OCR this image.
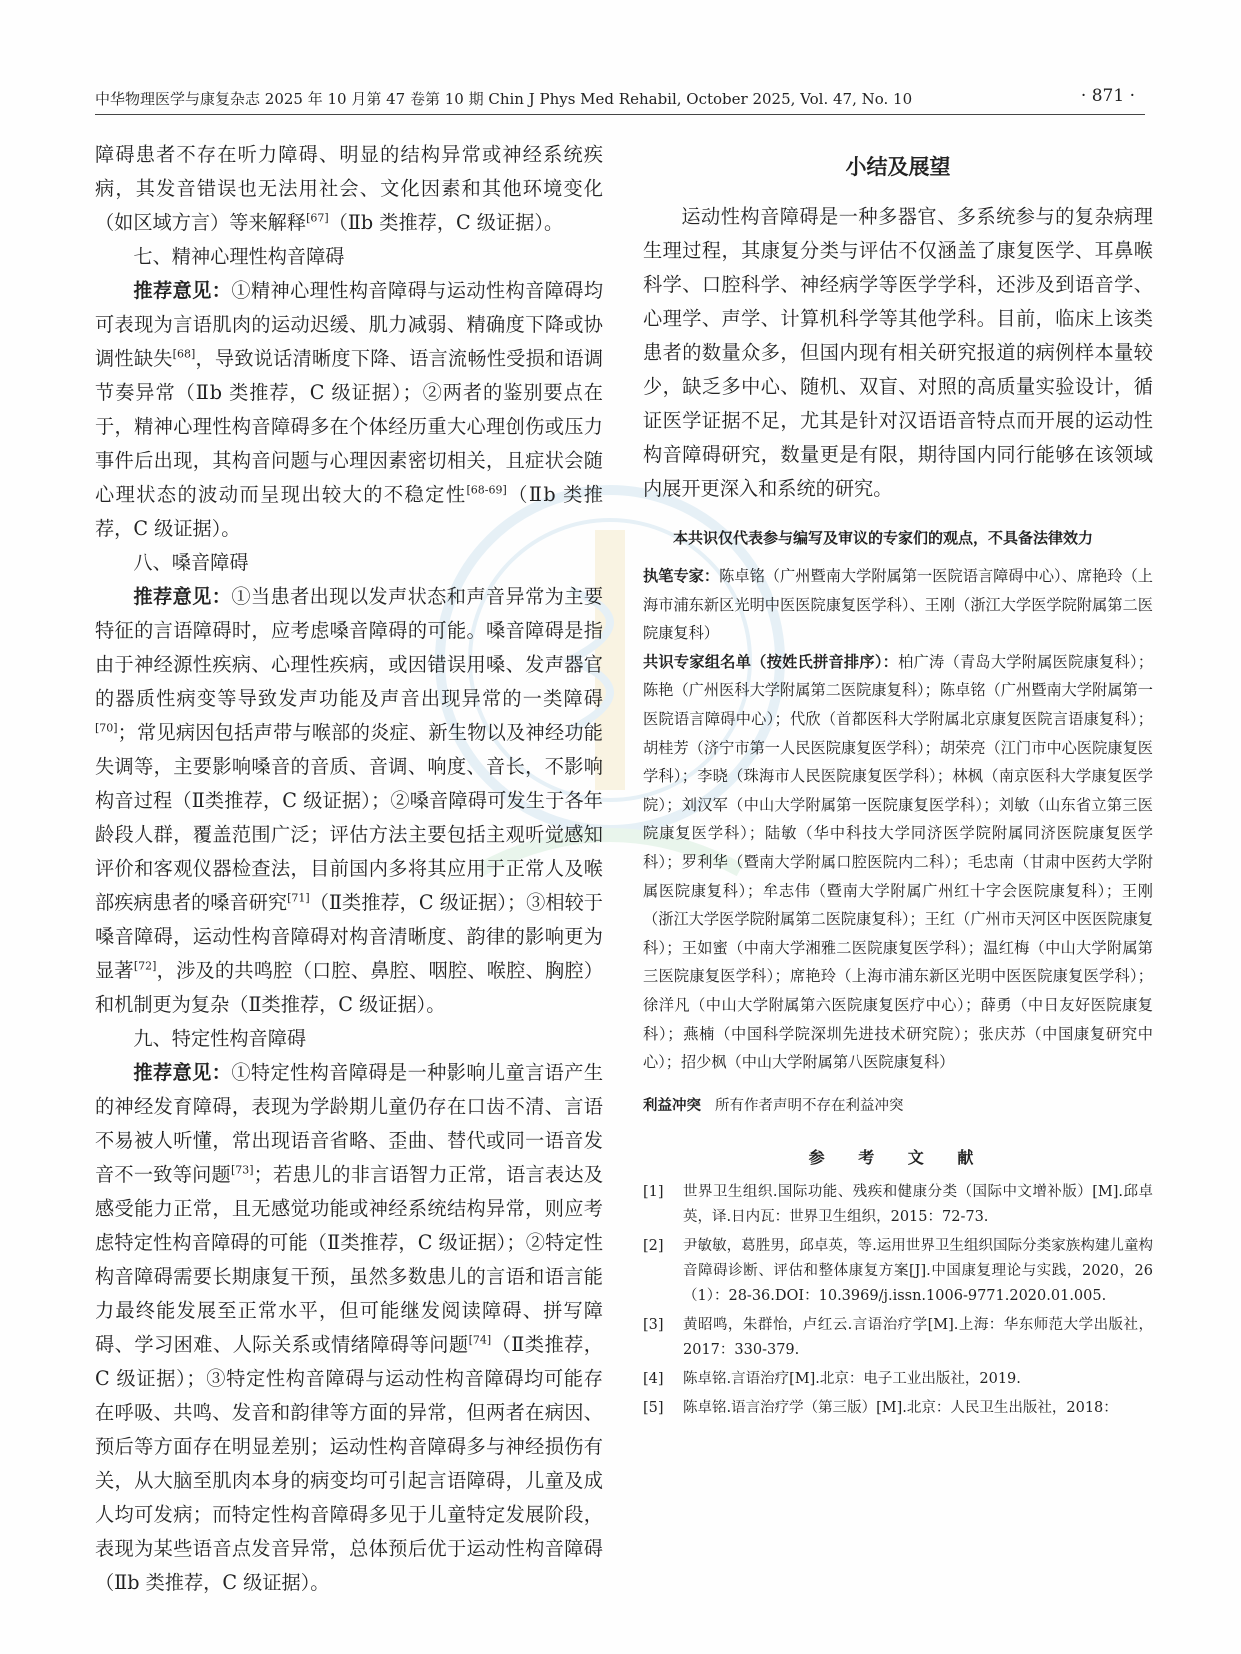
中华物理医学与康复杂志 2025 年 10 月第 47 卷第 10 期 Chin J Phys Med Rehabil, October 2025, Vol. 47, No. 10	· 871 ·

障碍患者不存在听力障碍、明显的结构异常或神经系统疾病，其发音错误也无法用社会、文化因素和其他环境变化（如区域方言）等来解释[67]（Ⅱb 类推荐，C 级证据）。

七、精神心理性构音障碍

推荐意见：①精神心理性构音障碍与运动性构音障碍均可表现为言语肌肉的运动迟缓、肌力减弱、精确度下降或协调性缺失[68]，导致说话清晰度下降、语言流畅性受损和语调节奏异常（Ⅱb 类推荐，C 级证据）；②两者的鉴别要点在于，精神心理性构音障碍多在个体经历重大心理创伤或压力事件后出现，其构音问题与心理因素密切相关，且症状会随心理状态的波动而呈现出较大的不稳定性[68-69]（Ⅱb 类推荐，C 级证据）。

八、嗓音障碍

推荐意见：①当患者出现以发声状态和声音异常为主要特征的言语障碍时，应考虑嗓音障碍的可能。嗓音障碍是指由于神经源性疾病、心理性疾病，或因错误用嗓、发声器官的器质性病变等导致发声功能及声音出现异常的一类障碍[70]；常见病因包括声带与喉部的炎症、新生物以及神经功能失调等，主要影响嗓音的音质、音调、响度、音长，不影响构音过程（Ⅱ类推荐，C 级证据）；②嗓音障碍可发生于各年龄段人群，覆盖范围广泛；评估方法主要包括主观听觉感知评价和客观仪器检查法，目前国内多将其应用于正常人及喉部疾病患者的嗓音研究[71]（Ⅱ类推荐，C 级证据）；③相较于嗓音障碍，运动性构音障碍对构音清晰度、韵律的影响更为显著[72]，涉及的共鸣腔（口腔、鼻腔、咽腔、喉腔、胸腔）和机制更为复杂（Ⅱ类推荐，C 级证据）。

九、特定性构音障碍

推荐意见：①特定性构音障碍是一种影响儿童言语产生的神经发育障碍，表现为学龄期儿童仍存在口齿不清、言语不易被人听懂，常出现语音省略、歪曲、替代或同一语音发音不一致等问题[73]；若患儿的非言语智力正常，语言表达及感受能力正常，且无感觉功能或神经系统结构异常，则应考虑特定性构音障碍的可能（Ⅱ类推荐，C 级证据）；②特定性构音障碍需要长期康复干预，虽然多数患儿的言语和语言能力最终能发展至正常水平，但可能继发阅读障碍、拼写障碍、学习困难、人际关系或情绪障碍等问题[74]（Ⅱ类推荐，C 级证据）；③特定性构音障碍与运动性构音障碍均可能存在呼吸、共鸣、发音和韵律等方面的异常，但两者在病因、预后等方面存在明显差别；运动性构音障碍多与神经损伤有关，从大脑至肌肉本身的病变均可引起言语障碍，儿童及成人均可发病；而特定性构音障碍多见于儿童特定发展阶段，表现为某些语音点发音异常，总体预后优于运动性构音障碍（Ⅱb 类推荐，C 级证据）。

小结及展望

运动性构音障碍是一种多器官、多系统参与的复杂病理生理过程，其康复分类与评估不仅涵盖了康复医学、耳鼻喉科学、口腔科学、神经病学等医学学科，还涉及到语音学、心理学、声学、计算机科学等其他学科。目前，临床上该类患者的数量众多，但国内现有相关研究报道的病例样本量较少，缺乏多中心、随机、双盲、对照的高质量实验设计，循证医学证据不足，尤其是针对汉语语音特点而开展的运动性构音障碍研究，数量更是有限，期待国内同行能够在该领域内展开更深入和系统的研究。

本共识仅代表参与编写及审议的专家们的观点，不具备法律效力

执笔专家：陈卓铭（广州暨南大学附属第一医院语言障碍中心）、席艳玲（上海市浦东新区光明中医医院康复医学科）、王刚（浙江大学医学院附属第二医院康复科）

共识专家组名单（按姓氏拼音排序）：柏广涛（青岛大学附属医院康复科）；陈艳（广州医科大学附属第二医院康复科）；陈卓铭（广州暨南大学附属第一医院语言障碍中心）；代欣（首都医科大学附属北京康复医院言语康复科）；胡桂芳（济宁市第一人民医院康复医学科）；胡荣亮（江门市中心医院康复医学科）；李晓（珠海市人民医院康复医学科）；林枫（南京医科大学康复医学院）；刘汉军（中山大学附属第一医院康复医学科）；刘敏（山东省立第三医院康复医学科）；陆敏（华中科技大学同济医学院附属同济医院康复医学科）；罗利华（暨南大学附属口腔医院内二科）；毛忠南（甘肃中医药大学附属医院康复科）；牟志伟（暨南大学附属广州红十字会医院康复科）；王刚（浙江大学医学院附属第二医院康复科）；王红（广州市天河区中医医院康复科）；王如蜜（中南大学湘雅二医院康复医学科）；温红梅（中山大学附属第三医院康复医学科）；席艳玲（上海市浦东新区光明中医医院康复医学科）；徐洋凡（中山大学附属第六医院康复医疗中心）；薛勇（中日友好医院康复科）；燕楠（中国科学院深圳先进技术研究院）；张庆苏（中国康复研究中心）；招少枫（中山大学附属第八医院康复科）

利益冲突 所有作者声明不存在利益冲突

参 考 文 献

[1]	世界卫生组织.国际功能、残疾和健康分类（国际中文增补版）[M].邱卓英，译.日内瓦：世界卫生组织，2015：72-73.
[2]	尹敏敏，葛胜男，邱卓英，等.运用世界卫生组织国际分类家族构建儿童构音障碍诊断、评估和整体康复方案[J].中国康复理论与实践，2020，26（1）：28-36.DOI：10.3969/j.issn.1006-9771.2020.01.005.
[3]	黄昭鸣，朱群怡，卢红云.言语治疗学[M].上海：华东师范大学出版社，2017：330-379.
[4]	陈卓铭.言语治疗[M].北京：电子工业出版社，2019.
[5]	陈卓铭.语言治疗学（第三版）[M].北京：人民卫生出版社，2018：
